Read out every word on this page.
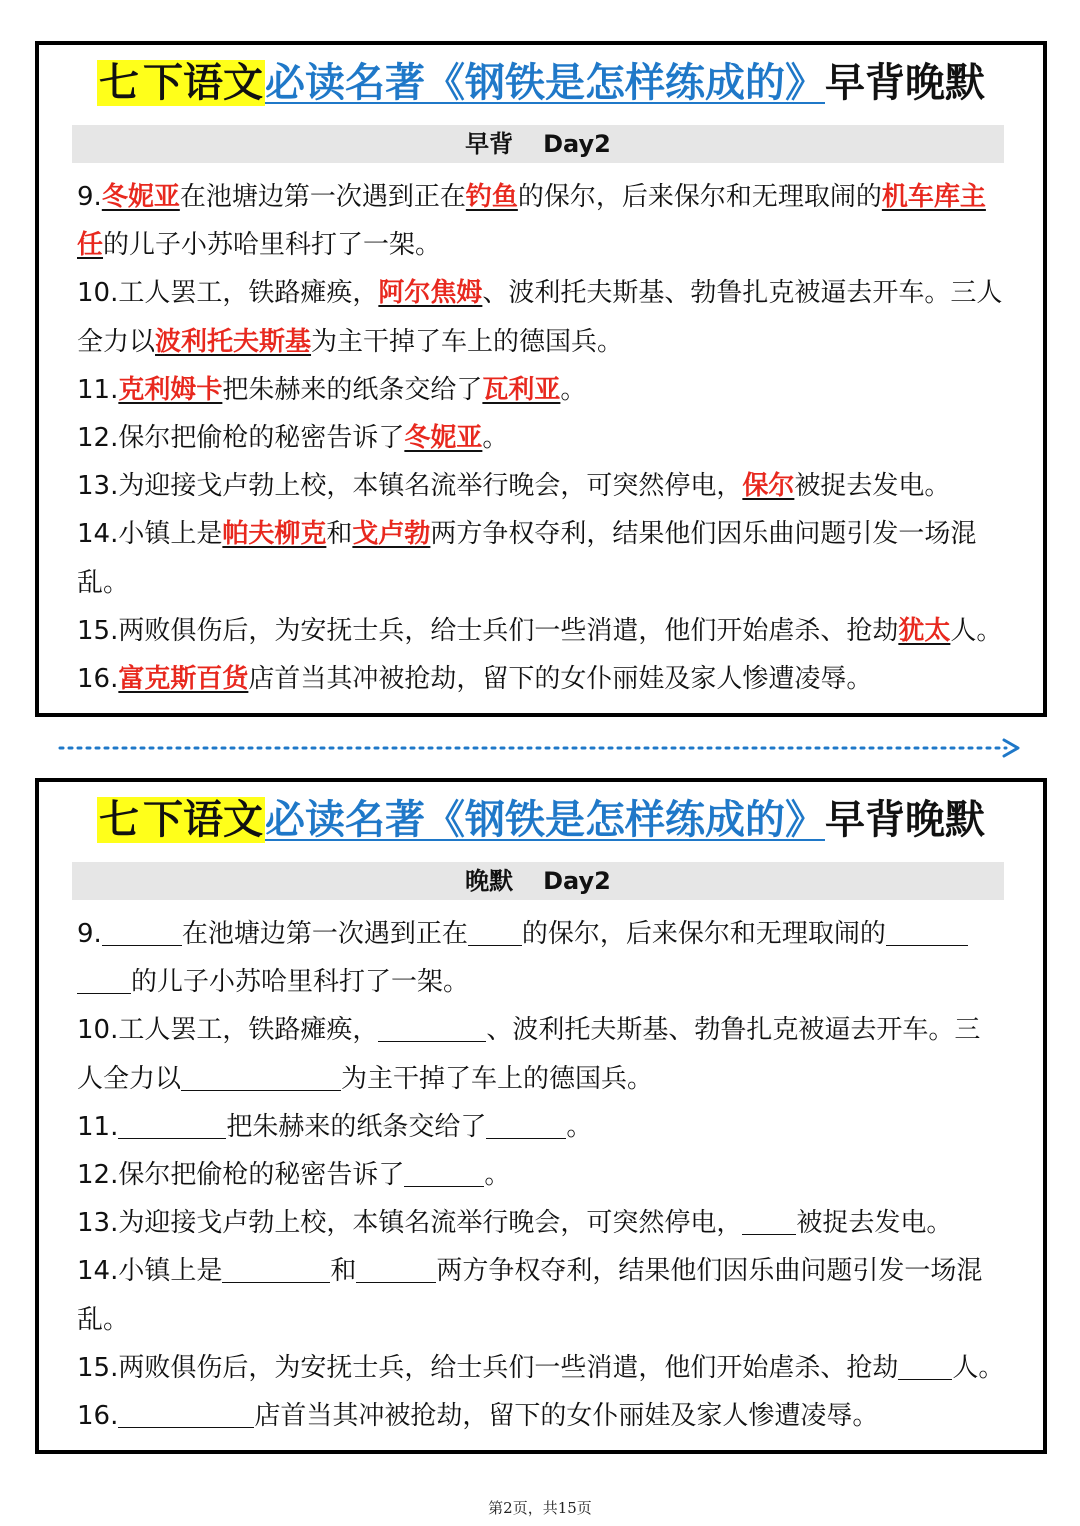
七 下语文必读名著《钢铁是怎样练成的》早背晚默
早背 Day2
9.冬妮亚在池塘边第一次遇到正在钓鱼的保尔，后来保尔和无理取闹的机车库主任的儿子小苏哈里科打了一架。
10.工人罢工，铁路瘫痪，阿尔焦姆、波利托夫斯基、勃鲁扎克被逼去开车。三人全力以波利托夫斯基为主干掉了车上的德国兵。
11.克利姆卡把朱赫来的纸条交给了瓦利亚。
12.保尔把偷枪的秘密告诉了冬妮亚。
13.为迎接戈卢勃上校，本镇名流举行晚会，可突然停电，保尔被捉去发电。
14.小镇上是帕夫柳克和戈卢勃两方争权夺利，结果他们因乐曲问题引发一场混乱。
15.两败俱伤后，为安抚士兵，给士兵们一些消遣，他们开始虐杀、抢劫犹太人。
16.富克斯百货店首当其冲被抢劫，留下的女仆丽娃及家人惨遭凌辱。
七 下语文必读名著《钢铁是怎样练成的》早背晚默
晚默 Day2
9.	在池塘边第一次遇到正在 的保尔，后来保尔和无理取闹的的儿子小苏哈里科打了一架。
10.工人罢工，铁路瘫痪，	、波利托夫斯基、勃鲁扎克被逼去开车。三人全力以	为主干掉了车上的德国兵。
11.	把朱赫来的纸条交给了	。
12.保尔把偷枪的秘密告诉了	。
13.为迎接戈卢勃上校，本镇名流举行晚会，可突然停电， 被捉去发电。
14.小镇上是	和	两方争权夺利，结果他们因乐曲问题引发一场混乱。
15.两败俱伤后，为安抚士兵，给士兵们一些消遣，他们开始虐杀、抢劫 人。
16.	店首当其冲被抢劫，留下的女仆丽娃及家人惨遭凌辱。
第2页，共15页
